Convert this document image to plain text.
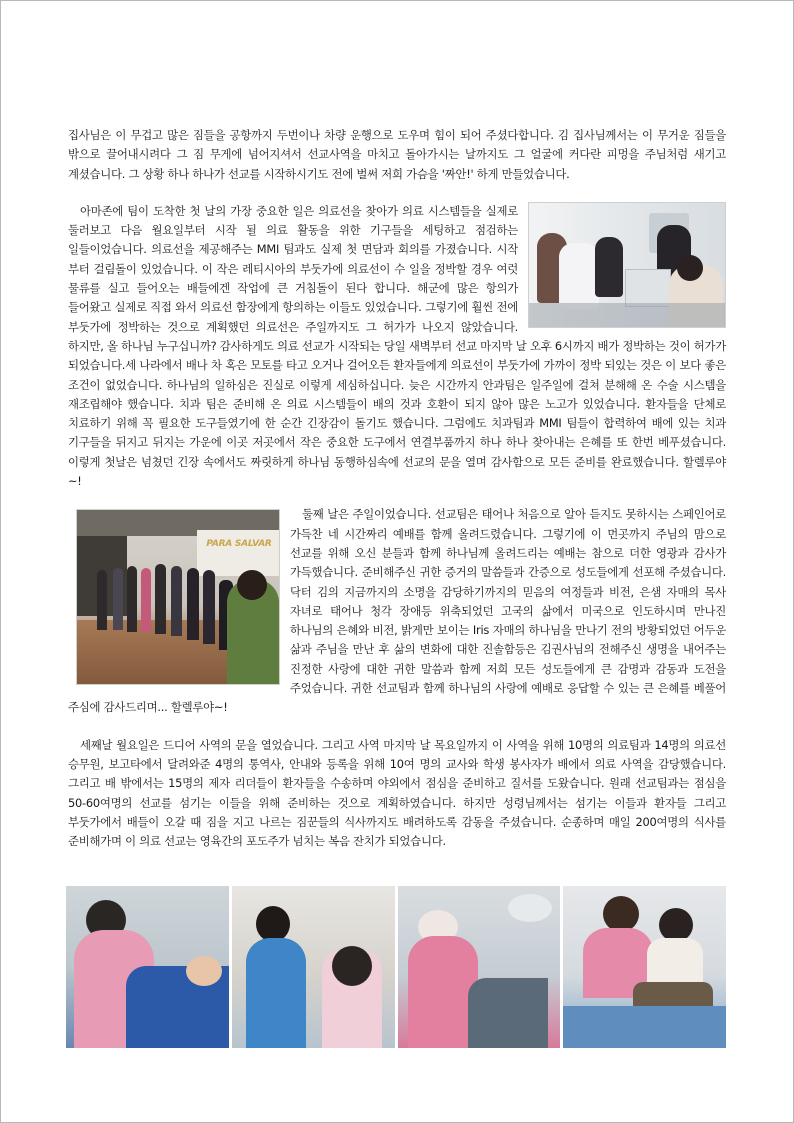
집사님은 이 무겁고 많은 짐들을 공항까지 두번이나 차량 운행으로 도우며 힘이 되어 주셨다합니다. 김 집사님께서는 이 무거운 짐들을 밖으로 끌어내시려다 그 짐 무게에 넘어지셔서 선교사역을 마치고 돌아가시는 날까지도 그 얼굴에 커다란 피멍을 주님처럼 새기고 계셨습니다. 그 상황 하나 하나가 선교를 시작하시기도 전에 벌써 저희 가슴을 '짜안!' 하게 만들었습니다.

아마존에 팀이 도착한 첫 날의 가장 중요한 일은 의료선을 찾아가 의료 시스템들을 실제로 둘러보고 다음 월요일부터 시작 될 의료 활동을 위한 기구들을 세팅하고 점검하는 일들이었습니다. 의료선을 제공해주는 MMI 팀과도 실제 첫 면담과 회의를 가졌습니다. 시작 부터 걸림돌이 있었습니다. 이 작은 레티시아의 부둣가에 의료선이 수 일을 정박할 경우 여럿 물류를 실고 들어오는 배들에겐 작업에 큰 거침돌이 된다 합니다. 해군에 많은 항의가 들어왔고 실제로 직접 와서 의료선 함장에게 항의하는 이들도 있었습니다. 그렇기에 훨씬 전에 부둣가에 정박하는 것으로 계획했던 의료선은 주일까지도 그 허가가 나오지 않았습니다. 하지만, 올 하나님 누구십니까? 감사하게도 의료 선교가 시작되는 당일 새벽부터 선교 마지막 날 오후 6시까지 배가 정박하는 것이 허가가 되었습니다.세 나라에서 배나 차 혹은 모토를 타고 오거나 걸어오든 환자들에게 의료선이 부둣가에 가까이 정박 되있는 것은 이 보다 좋은 조건이 없었습니다. 하나님의 일하심은 진실로 이렇게 세심하십니다. 늦은 시간까지 안과팀은 일주일에 걸쳐 분해해 온 수술 시스템을 재조립해야 했습니다. 치과 팀은 준비해 온 의료 시스템들이 배의 것과 호환이 되지 않아 많은 노고가 있었습니다. 환자들을 단체로 치료하기 위해 꼭 필요한 도구들였기에 한 순간 긴장감이 돌기도 했습니다. 그럼에도 치과팀과 MMI 팀들이 합력하여 배에 있는 치과 기구들을 뒤지고 뒤지는 가운에 이곳 저곳에서 작은 중요한 도구에서 연결부품까지 하나 하나 찾아내는 은혜를 또 한번 베푸셨습니다. 이렇게 첫날은 넘쳤던 긴장 속에서도 짜릿하게 하나님 동행하심속에 선교의 문을 열며 감사함으로 모든 준비를 완료했습니다. 할렐루야~!

PARA SALVAR

둘째 날은 주일이었습니다. 선교팀은 태어나 처음으로 알아 듣지도 못하시는 스페인어로 가득찬 네 시간짜리 예배를 함께 올려드렸습니다. 그렇기에 이 먼곳까지 주님의 맘으로 선교를 위해 오신 분들과 함께 하나님께 올려드리는 예배는 참으로 더한 영광과 감사가 가득했습니다. 준비해주신 귀한 증거의 말씀들과 간증으로 성도들에게 선포해 주셨습니다. 닥터 김의 지금까지의 소명을 감당하기까지의 믿음의 여정들과 비전, 은샘 자매의 목사 자녀로 태어나 청각 장애등 위축되었던 고국의 삶에서 미국으로 인도하시며 만나진 하나님의 은혜와 비전, 밝게만 보이는 Iris 자매의 하나님을 만나기 전의 방황되었던 어두운 삶과 주님을 만난 후 삶의 변화에 대한 진솔함등은 김권사님의 전해주신 생명을 내어주는 진정한 사랑에 대한 귀한 말씀과 함께 저희 모든 성도들에게 큰 감명과 감동과 도전을 주었습니다. 귀한 선교팀과 함께 하나님의 사랑에 예배로 응답할 수 있는 큰 은혜를 베풀어 주심에 감사드리며... 할렐루야~!

세째날 월요일은 드디어 사역의 문을 열었습니다. 그리고 사역 마지막 날 목요일까지 이 사역을 위해 10명의 의료팀과 14명의 의료선 승무원, 보고타에서 달려와준 4명의 통역사, 안내와 등록을 위해 10여 명의 교사와 학생 봉사자가 배에서 의료 사역을 감당했습니다. 그리고 배 밖에서는 15명의 제자 리더들이 환자들을 수송하며 야외에서 점심을 준비하고 질서를 도왔습니다. 원래 선교팀과는 점심을 50-60여명의 선교를 섬기는 이들을 위해 준비하는 것으로 계획하였습니다. 하지만 성령님께서는 섬기는 이들과 환자들 그리고 부둣가에서 배들이 오갈 때 짐을 지고 나르는 짐꾼들의 식사까지도 배려하도록 감동을 주셨습니다. 순종하며 매일 200여명의 식사를 준비해가며 이 의료 선교는 영육간의 포도주가 넘치는 복음 잔치가 되었습니다.
